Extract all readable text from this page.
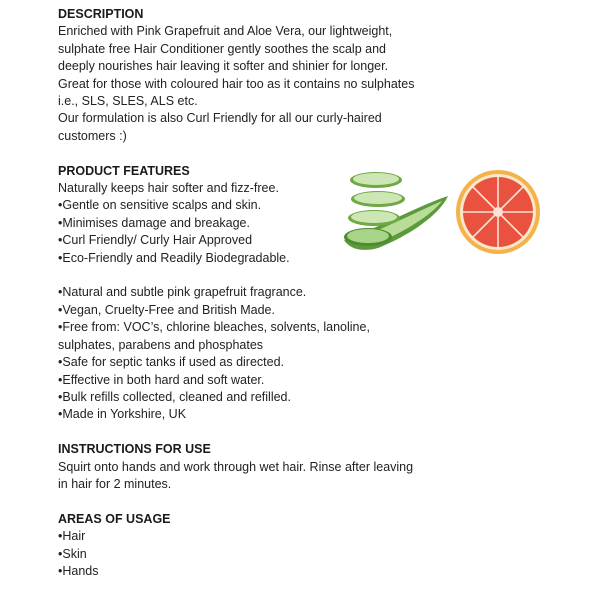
DESCRIPTION
Enriched with Pink Grapefruit and Aloe Vera, our lightweight,
sulphate free Hair Conditioner gently soothes the scalp and
deeply nourishes hair leaving it softer and shinier for longer.
Great for those with coloured hair too as it contains no sulphates
i.e., SLS, SLES, ALS etc.
Our formulation is also Curl Friendly for all our curly-haired
customers :)
PRODUCT FEATURES
Naturally keeps hair softer and fizz-free.
•Gentle on sensitive scalps and skin.
•Minimises damage and breakage.
•Curl Friendly/ Curly Hair Approved
•Eco-Friendly and Readily Biodegradable.
•Natural and subtle pink grapefruit fragrance.
•Vegan, Cruelty-Free and British Made.
•Free from: VOC’s, chlorine bleaches, solvents, lanoline,
sulphates, parabens and phosphates
•Safe for septic tanks if used as directed.
•Effective in both hard and soft water.
•Bulk refills collected, cleaned and refilled.
•Made in Yorkshire, UK
INSTRUCTIONS FOR USE
Squirt onto hands and work through wet hair. Rinse after leaving
in hair for 2 minutes.
AREAS OF USAGE
•Hair
•Skin
•Hands
